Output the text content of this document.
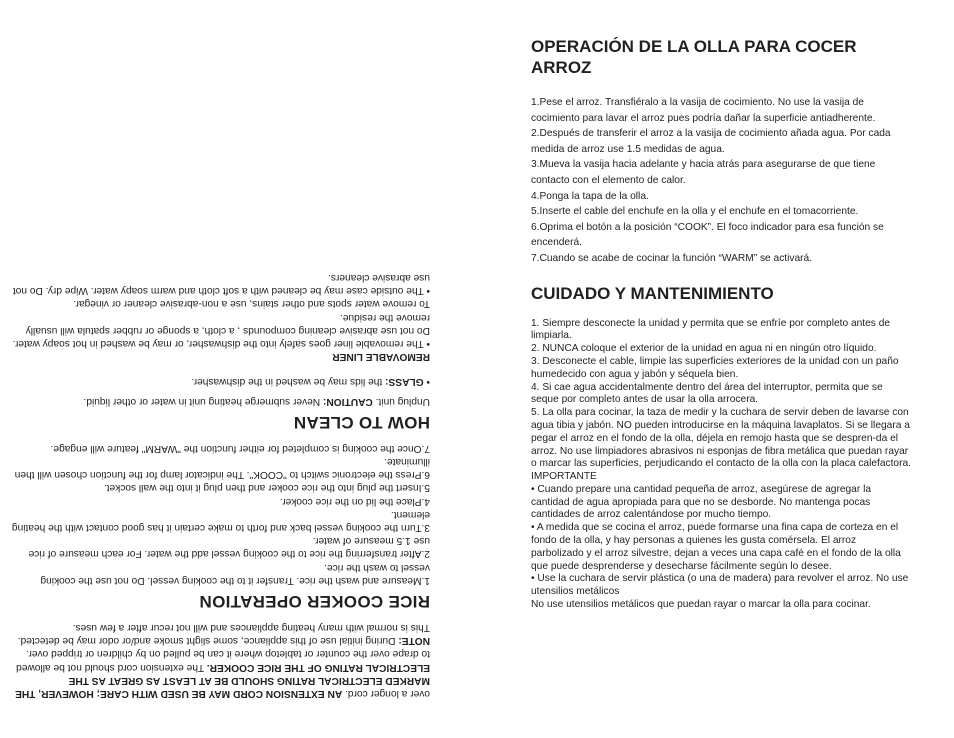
over a longer cord. AN EXTENSION CORD MAY BE USED WITH CARE; HOWEVER, THE MARKED ELECTRICAL RATING SHOULD BE AT LEAST AS GREAT AS THE ELECTRICAL RATING OF THE RICE COOKER. The extension cord should not be allowed to drape over the counter or tabletop where it can be pulled on by children or tripped over.

NOTE: During initial use of this appliance, some slight smoke and/or odor may be detected. This is normal with many heating appliances and will not recur after a few uses.

RICE COOKER OPERATION

1.Measure and wash the rice. Transfer it to the cooking vessel. Do not use the cooking vessel to wash the rice.

2.After transferring the rice to the cooking vessel add the water. For each measure of rice use 1.5 measure of water.

3.Turn the cooking vessel back and forth to make certain it has good contact with the heating element.

4.Place the lid on the rice cooker.

5.Insert the plug into the rice cooker and then plug it into the wall socket.

6.Press the electronic switch to "COOK". The indicator lamp for the function chosen will then illuminate.

7.Once the cooking is completed for either function the "WARM" feature will engage.

HOW TO CLEAN

Unplug unit. CAUTION: Never submerge heating unit in water or other liquid.

• GLASS: the lids may be washed in the dishwasher.

REMOVABLE LINER

• The removable liner goes safely into the dishwasher, or may be washed in hot soapy water. Do not use abrasive cleaning compounds , a cloth, a sponge or rubber spatula will usually remove the residue.

To remove water spots and other stains, use a non-abrasive cleaner or vinegar.

• The outside case may be cleaned with a soft cloth and warm soapy water. Wipe dry. Do not use abrasive cleaners.

OPERACIÓN DE LA OLLA PARA COCER ARROZ

1.Pese el arroz. Transfiéralo a la vasija de cocimiento. No use la vasija de cocimiento para lavar el arroz pues podría dañar la superficie antiadherente.

2.Después de transferir el arroz a la vasija de cocimiento añada agua. Por cada medida de arroz use 1.5 medidas de agua.

3.Mueva la vasija hacia adelante y hacia atrás para asegurarse de que tiene contacto con el elemento de calor.

4.Ponga la tapa de la olla.

5.Inserte el cable del enchufe en la olla y el enchufe en el tomacorriente.

6.Oprima el botón a la posición “COOK”. El foco indicador para esa función se encenderá.

7.Cuando se acabe de cocinar la función “WARM” se activará.

CUIDADO Y MANTENIMIENTO

1. Siempre desconecte la unidad y permita que se enfríe por completo antes de limpiarla.

2. NUNCA coloque el exterior de la unidad en agua ni en ningún otro líquido.

3. Desconecte el cable, limpie las superficies exteriores de la unidad con un paño humedecido con agua y jabón y séquela bien.

4. Si cae agua accidentalmente dentro del área del interruptor, permita que se seque por completo antes de usar la olla arrocera.

5. La olla para cocinar, la taza de medir y la cuchara de servir deben de lavarse con agua tibia y jabón. NO pueden introducirse en la máquina lavaplatos. Si se llegara a pegar el arroz en el fondo de la olla, déjela en remojo hasta que se despren-da el arroz. No use limpiadores abrasivos ni esponjas de fibra metálica que puedan rayar o marcar las superficies, perjudicando el contacto de la olla con la placa calefactora.

IMPORTANTE

• Cuando prepare una cantidad pequeña de arroz, asegúrese de agregar la cantidad de agua apropiada para que no se desborde. No mantenga pocas cantidades de arroz calentándose por mucho tiempo.

• A medida que se cocina el arroz, puede formarse una fina capa de corteza en el fondo de la olla, y hay personas a quienes les gusta comérsela. El arroz parbolizado y el arroz silvestre, dejan a veces una capa café en el fondo de la olla que puede desprenderse y desecharse fácilmente según lo desee.

• Use la cuchara de servir plástica (o una de madera) para revolver el arroz. No use utensilios metálicos

No use utensilios metálicos que puedan rayar o marcar la olla para cocinar.
